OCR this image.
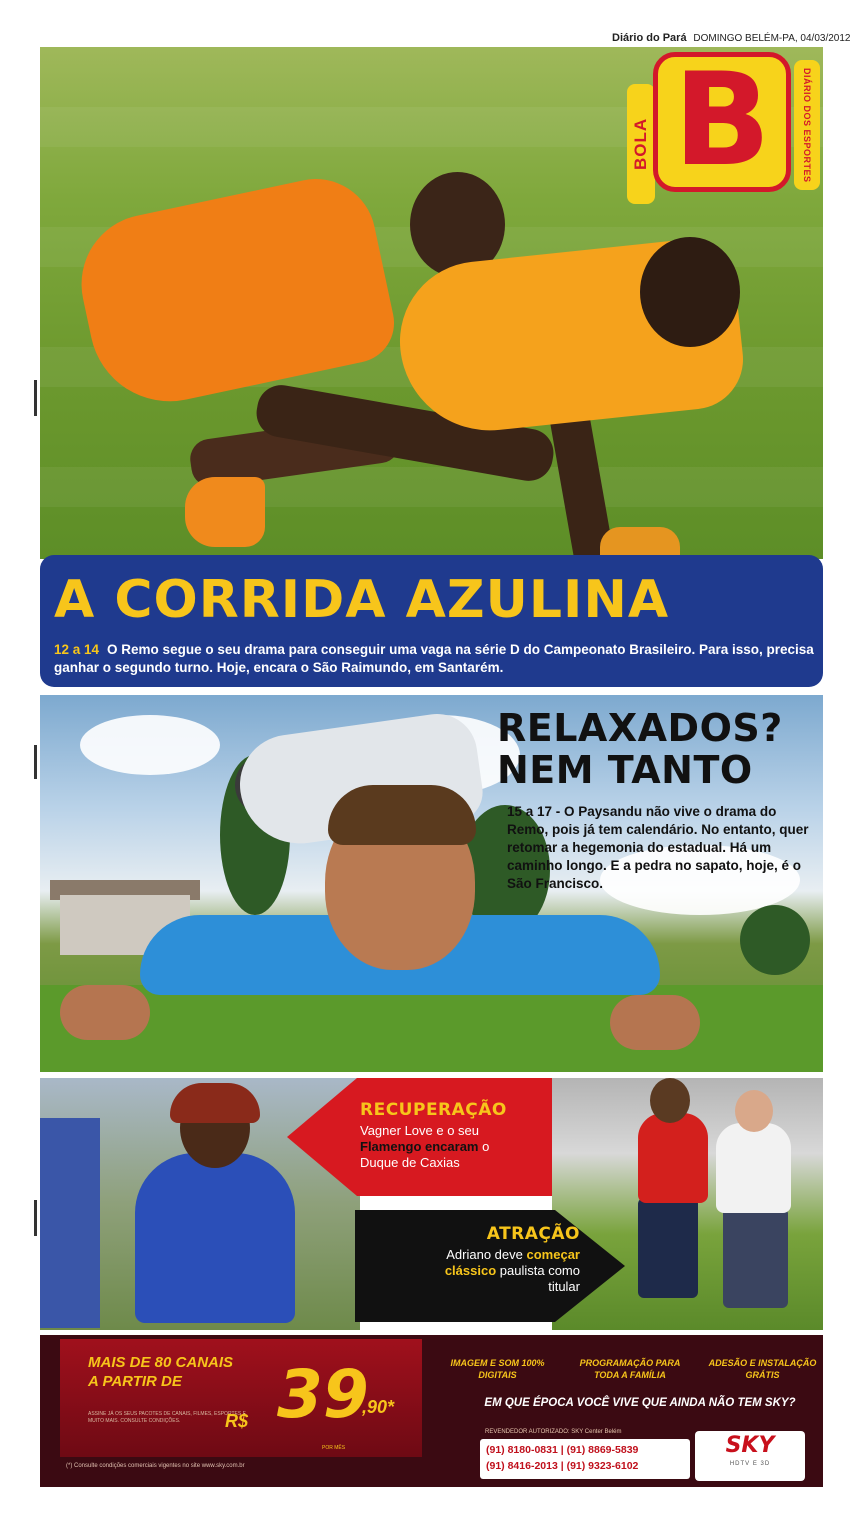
Diário do Pará DOMINGO BELÉM-PA, 04/03/2012
BOLA B	DIÁRIO DOS ESPORTES
A CORRIDA AZULINA

12 a 14 O Remo segue o seu drama para conseguir uma vaga na série D do Campeonato Brasileiro. Para isso, precisa ganhar o segundo turno. Hoje, encara o São Raimundo, em Santarém.

RELAXADOS?
NEM TANTO

15 a 17 - O Paysandu não vive o drama do Remo, pois já tem calendário. No entanto, quer retomar a hegemonia do estadual. Há um caminho longo. E a pedra no sapato, hoje, é o São Francisco.

RECUPERAÇÃO
Vagner Love e o seu
Flamengo encaram o
Duque de Caxias
ATRAÇÃO
Adriano deve começar
clássico paulista como
titular
MAIS DE 80 CANAIS
A PARTIR DE
ASSINE JÁ OS SEUS PACOTES DE CANAIS, FILMES, ESPORTES E MUITO MAIS. CONSULTE CONDIÇÕES.	R$ 39
,90*
POR MÊS
(*) Consulte condições comerciais vigentes no site www.sky.com.br
IMAGEM E SOM 100% DIGITAIS
PROGRAMAÇÃO PARA TODA A FAMÍLIA
ADESÃO E INSTALAÇÃO GRÁTIS
EM QUE ÉPOCA VOCÊ VIVE QUE AINDA NÃO TEM SKY?
REVENDEDOR AUTORIZADO: SKY Center Belém
(91) 8180-0831 | (91) 8869-5839
(91) 8416-2013 | (91) 9323-6102
SKY
HDTV E 3D
